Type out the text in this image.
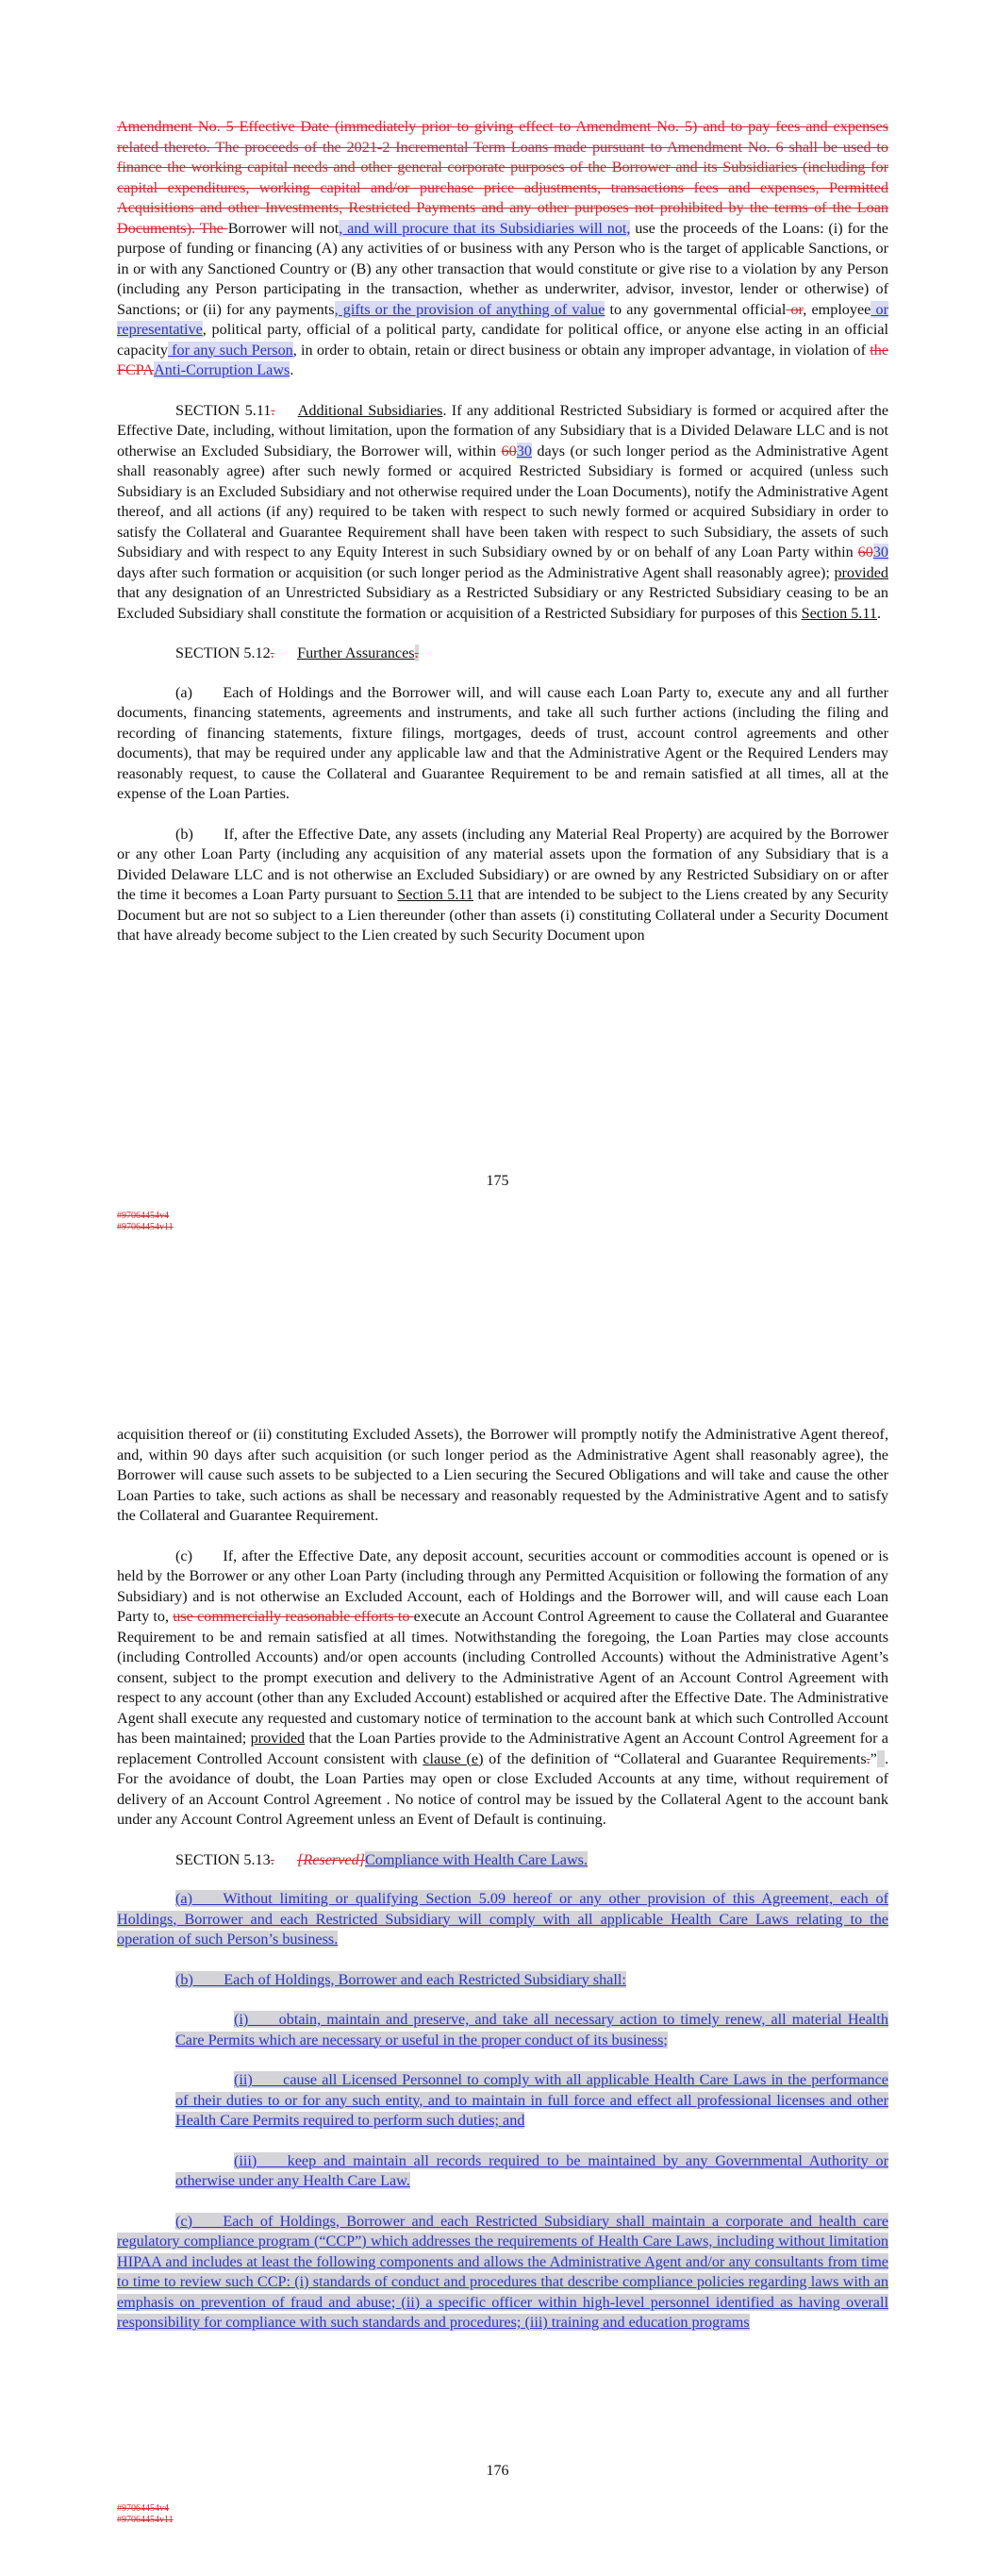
Amendment No. 5 Effective Date (immediately prior to giving effect to Amendment No. 5) and to pay fees and expenses related thereto. The proceeds of the 2021-2 Incremental Term Loans made pursuant to Amendment No. 6 shall be used to finance the working capital needs and other general corporate purposes of the Borrower and its Subsidiaries (including for capital expenditures, working capital and/or purchase price adjustments, transactions fees and expenses, Permitted Acquisitions and other Investments, Restricted Payments and any other purposes not prohibited by the terms of the Loan Documents). The Borrower will not, and will procure that its Subsidiaries will not, use the proceeds of the Loans: (i) for the purpose of funding or financing (A) any activities of or business with any Person who is the target of applicable Sanctions, or in or with any Sanctioned Country or (B) any other transaction that would constitute or give rise to a violation by any Person (including any Person participating in the transaction, whether as underwriter, advisor, investor, lender or otherwise) of Sanctions; or (ii) for any payments, gifts or the provision of anything of value to any governmental official or, employee or representative, political party, official of a political party, candidate for political office, or anyone else acting in an official capacity for any such Person, in order to obtain, retain or direct business or obtain any improper advantage, in violation of the FCPAAnti-Corruption Laws.

SECTION 5.11.   Additional Subsidiaries. If any additional Restricted Subsidiary is formed or acquired after the Effective Date, including, without limitation, upon the formation of any Subsidiary that is a Divided Delaware LLC and is not otherwise an Excluded Subsidiary, the Borrower will, within 6030 days (or such longer period as the Administrative Agent shall reasonably agree) after such newly formed or acquired Restricted Subsidiary is formed or acquired (unless such Subsidiary is an Excluded Subsidiary and not otherwise required under the Loan Documents), notify the Administrative Agent thereof, and all actions (if any) required to be taken with respect to such newly formed or acquired Subsidiary in order to satisfy the Collateral and Guarantee Requirement shall have been taken with respect to such Subsidiary, the assets of such Subsidiary and with respect to any Equity Interest in such Subsidiary owned by or on behalf of any Loan Party within 6030 days after such formation or acquisition (or such longer period as the Administrative Agent shall reasonably agree); provided that any designation of an Unrestricted Subsidiary as a Restricted Subsidiary or any Restricted Subsidiary ceasing to be an Excluded Subsidiary shall constitute the formation or acquisition of a Restricted Subsidiary for purposes of this Section 5.11.

SECTION 5.12.   Further Assurances.

(a)  Each of Holdings and the Borrower will, and will cause each Loan Party to, execute any and all further documents, financing statements, agreements and instruments, and take all such further actions (including the filing and recording of financing statements, fixture filings, mortgages, deeds of trust, account control agreements and other documents), that may be required under any applicable law and that the Administrative Agent or the Required Lenders may reasonably request, to cause the Collateral and Guarantee Requirement to be and remain satisfied at all times, all at the expense of the Loan Parties.

(b)  If, after the Effective Date, any assets (including any Material Real Property) are acquired by the Borrower or any other Loan Party (including any acquisition of any material assets upon the formation of any Subsidiary that is a Divided Delaware LLC and is not otherwise an Excluded Subsidiary) or are owned by any Restricted Subsidiary on or after the time it becomes a Loan Party pursuant to Section 5.11 that are intended to be subject to the Liens created by any Security Document but are not so subject to a Lien thereunder (other than assets (i) constituting Collateral under a Security Document that have already become subject to the Lien created by such Security Document upon

175
#97064454v4
#97064454v11

acquisition thereof or (ii) constituting Excluded Assets), the Borrower will promptly notify the Administrative Agent thereof, and, within 90 days after such acquisition (or such longer period as the Administrative Agent shall reasonably agree), the Borrower will cause such assets to be subjected to a Lien securing the Secured Obligations and will take and cause the other Loan Parties to take, such actions as shall be necessary and reasonably requested by the Administrative Agent and to satisfy the Collateral and Guarantee Requirement.

(c)  If, after the Effective Date, any deposit account, securities account or commodities account is opened or is held by the Borrower or any other Loan Party (including through any Permitted Acquisition or following the formation of any Subsidiary) and is not otherwise an Excluded Account, each of Holdings and the Borrower will, and will cause each Loan Party to, use commercially reasonable efforts to execute an Account Control Agreement to cause the Collateral and Guarantee Requirement to be and remain satisfied at all times. Notwithstanding the foregoing, the Loan Parties may close accounts (including Controlled Accounts) and/or open accounts (including Controlled Accounts) without the Administrative Agent’s consent, subject to the prompt execution and delivery to the Administrative Agent of an Account Control Agreement with respect to any account (other than any Excluded Account) established or acquired after the Effective Date. The Administrative Agent shall execute any requested and customary notice of termination to the account bank at which such Controlled Account has been maintained; provided that the Loan Parties provide to the Administrative Agent an Account Control Agreement for a replacement Controlled Account consistent with clause (e) of the definition of “Collateral and Guarantee Requirements.”  . For the avoidance of doubt, the Loan Parties may open or close Excluded Accounts at any time, without requirement of delivery of an Account Control Agreement . No notice of control may be issued by the Collateral Agent to the account bank under any Account Control Agreement unless an Event of Default is continuing.

SECTION 5.13.   [Reserved]Compliance with Health Care Laws.

(a)  Without limiting or qualifying Section 5.09 hereof or any other provision of this Agreement, each of Holdings, Borrower and each Restricted Subsidiary will comply with all applicable Health Care Laws relating to the operation of such Person’s business.

(b)  Each of Holdings, Borrower and each Restricted Subsidiary shall:

(i)  obtain, maintain and preserve, and take all necessary action to timely renew, all material Health Care Permits which are necessary or useful in the proper conduct of its business;

(ii)  cause all Licensed Personnel to comply with all applicable Health Care Laws in the performance of their duties to or for any such entity, and to maintain in full force and effect all professional licenses and other Health Care Permits required to perform such duties; and

(iii)  keep and maintain all records required to be maintained by any Governmental Authority or otherwise under any Health Care Law.

(c)  Each of Holdings, Borrower and each Restricted Subsidiary shall maintain a corporate and health care regulatory compliance program (“CCP”) which addresses the requirements of Health Care Laws, including without limitation HIPAA and includes at least the following components and allows the Administrative Agent and/or any consultants from time to time to review such CCP: (i) standards of conduct and procedures that describe compliance policies regarding laws with an emphasis on prevention of fraud and abuse; (ii) a specific officer within high-level personnel identified as having overall responsibility for compliance with such standards and procedures; (iii) training and education programs

176
#97064454v4
#97064454v11
